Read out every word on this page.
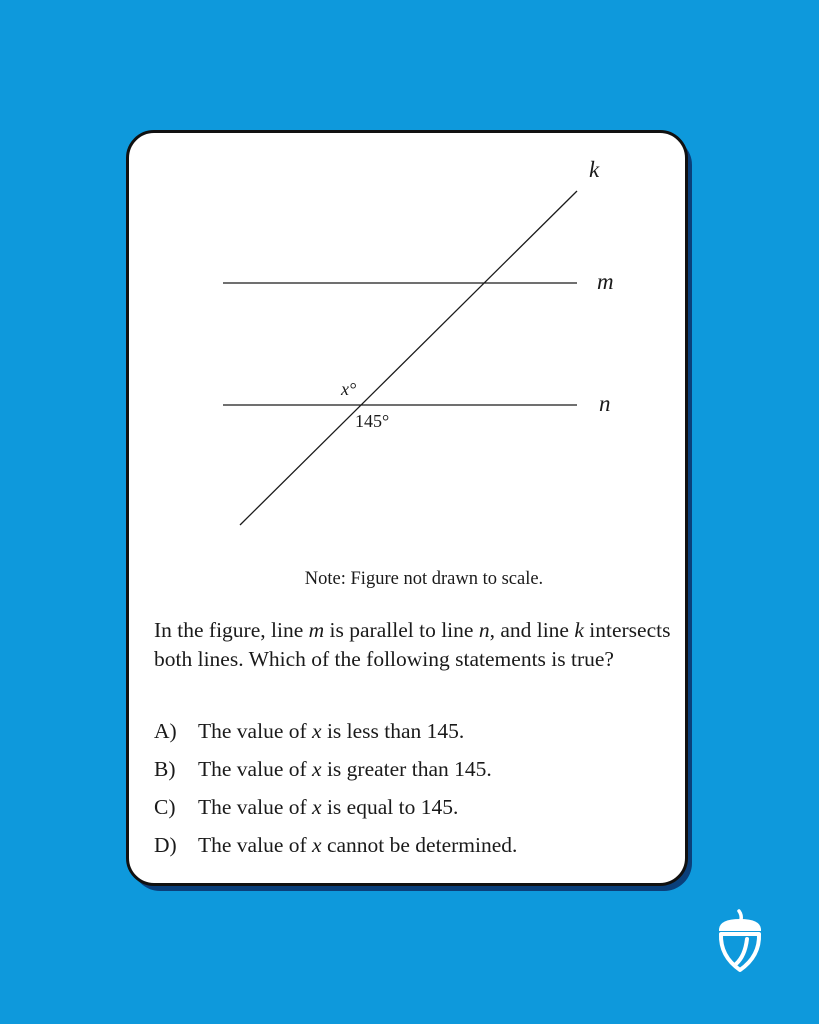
k
m
n
x°
145°
Note: Figure not drawn to scale.

In the figure, line m is parallel to line n, and line k intersects both lines. Which of the following statements is true?

A) The value of x is less than 145.
B) The value of x is greater than 145.
C) The value of x is equal to 145.
D) The value of x cannot be determined.
